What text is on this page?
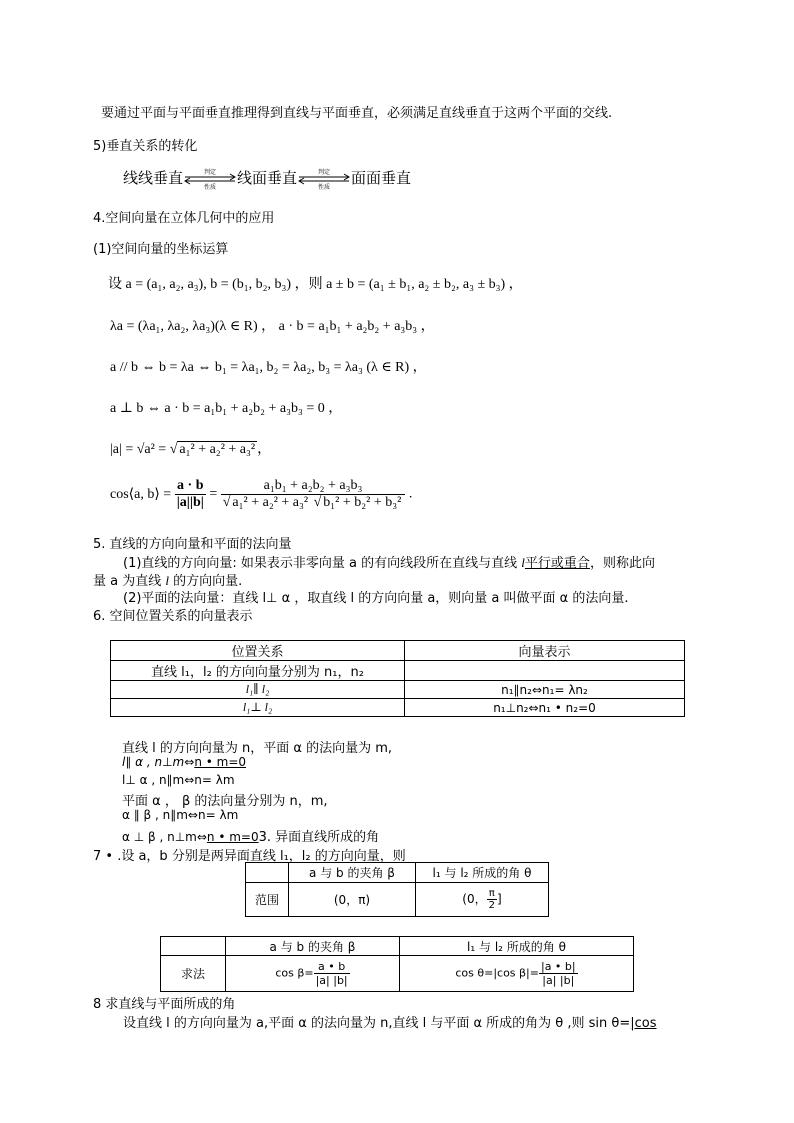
要通过平面与平面垂直推理得到直线与平面垂直，必须满足直线垂直于这两个平面的交线.
5)垂直关系的转化
线线垂直	判定
性质 线面垂直	判定
性质 面面垂直
4.空间向量在立体几何中的应用
(1)空间向量的坐标运算
设 a = (a₁, a₂, a₃), b = (b₁, b₂, b₃) ，则 a ± b = (a₁ ± b₁, a₂ ± b₂, a₃ ± b₃) ，
λa = (λa₁, λa₂, λa₃)(λ ∈ R) ， a · b = a₁b₁ + a₂b₂ + a₃b₃ ，
a // b ⇔ b = λa ⇔ b₁ = λa₁, b₂ = λa₂, b₃ = λa₃ (λ ∈ R) ，
a ⊥ b ⇔ a · b = a₁b₁ + a₂b₂ + a₃b₃ = 0 ，
|a| = √a² = √ a₁² + a₂² + a₃² ，
cos⟨a, b⟩ = $\frac{a \cdot b}{|a||b|} = \frac{\text{a₁b₁ + a₂b₂ + a₃b₃}}{\text{√ a₁² + a₂² + a₃² √ b₁² + b₂² + b₃²}}$ .
5. 直线的方向向量和平面的法向量
(1)直线的方向向量: 如果表示非零向量 a 的有向线段所在直线与直线 l平行或重合，则称此向
量 a 为直线 l 的方向向量.
(2)平面的法向量：直线 l⊥ α ，取直线 l 的方向向量 a，则向量 a 叫做平面 α 的法向量.
6. 空间位置关系的向量表示
位置关系	向量表示
直线 l₁，l₂ 的方向向量分别为 n₁，n₂	
l₁∥ l₂	n₁∥n₂⇔n₁= λn₂
l₁⊥ l₂	n₁⊥n₂⇔n₁ • n₂=0
直线 l 的方向向量为 n，平面 α 的法向量为 m,
l∥ α , n⊥m⇔n • m=0
l⊥ α , n∥m⇔n= λm
平面 α ， β 的法向量分别为 n，m,
α ∥ β , n∥m⇔n= λm
α ⊥ β , n⊥m⇔n • m=03. 异面直线所成的角
7 • .设 a，b 分别是两异面直线 l₁，l₂ 的方向向量，则
	a 与 b 的夹角 β	l₁ 与 l₂ 所成的角 θ
范围	(0，π)	(0， $\frac{\pi}{2}$ ]
	a 与 b 的夹角 β	l₁ 与 l₂ 所成的角 θ
求法	$\cos \beta= \frac{a • b}{|a| |b|}$	cos θ=|cos $\beta|= \frac{|a • b|}{|a| |b|}$
8 求直线与平面所成的角
设直线 l 的方向向量为 a,平面 α 的法向量为 n,直线 l 与平面 α 所成的角为 θ ,则 sin θ=|cos
